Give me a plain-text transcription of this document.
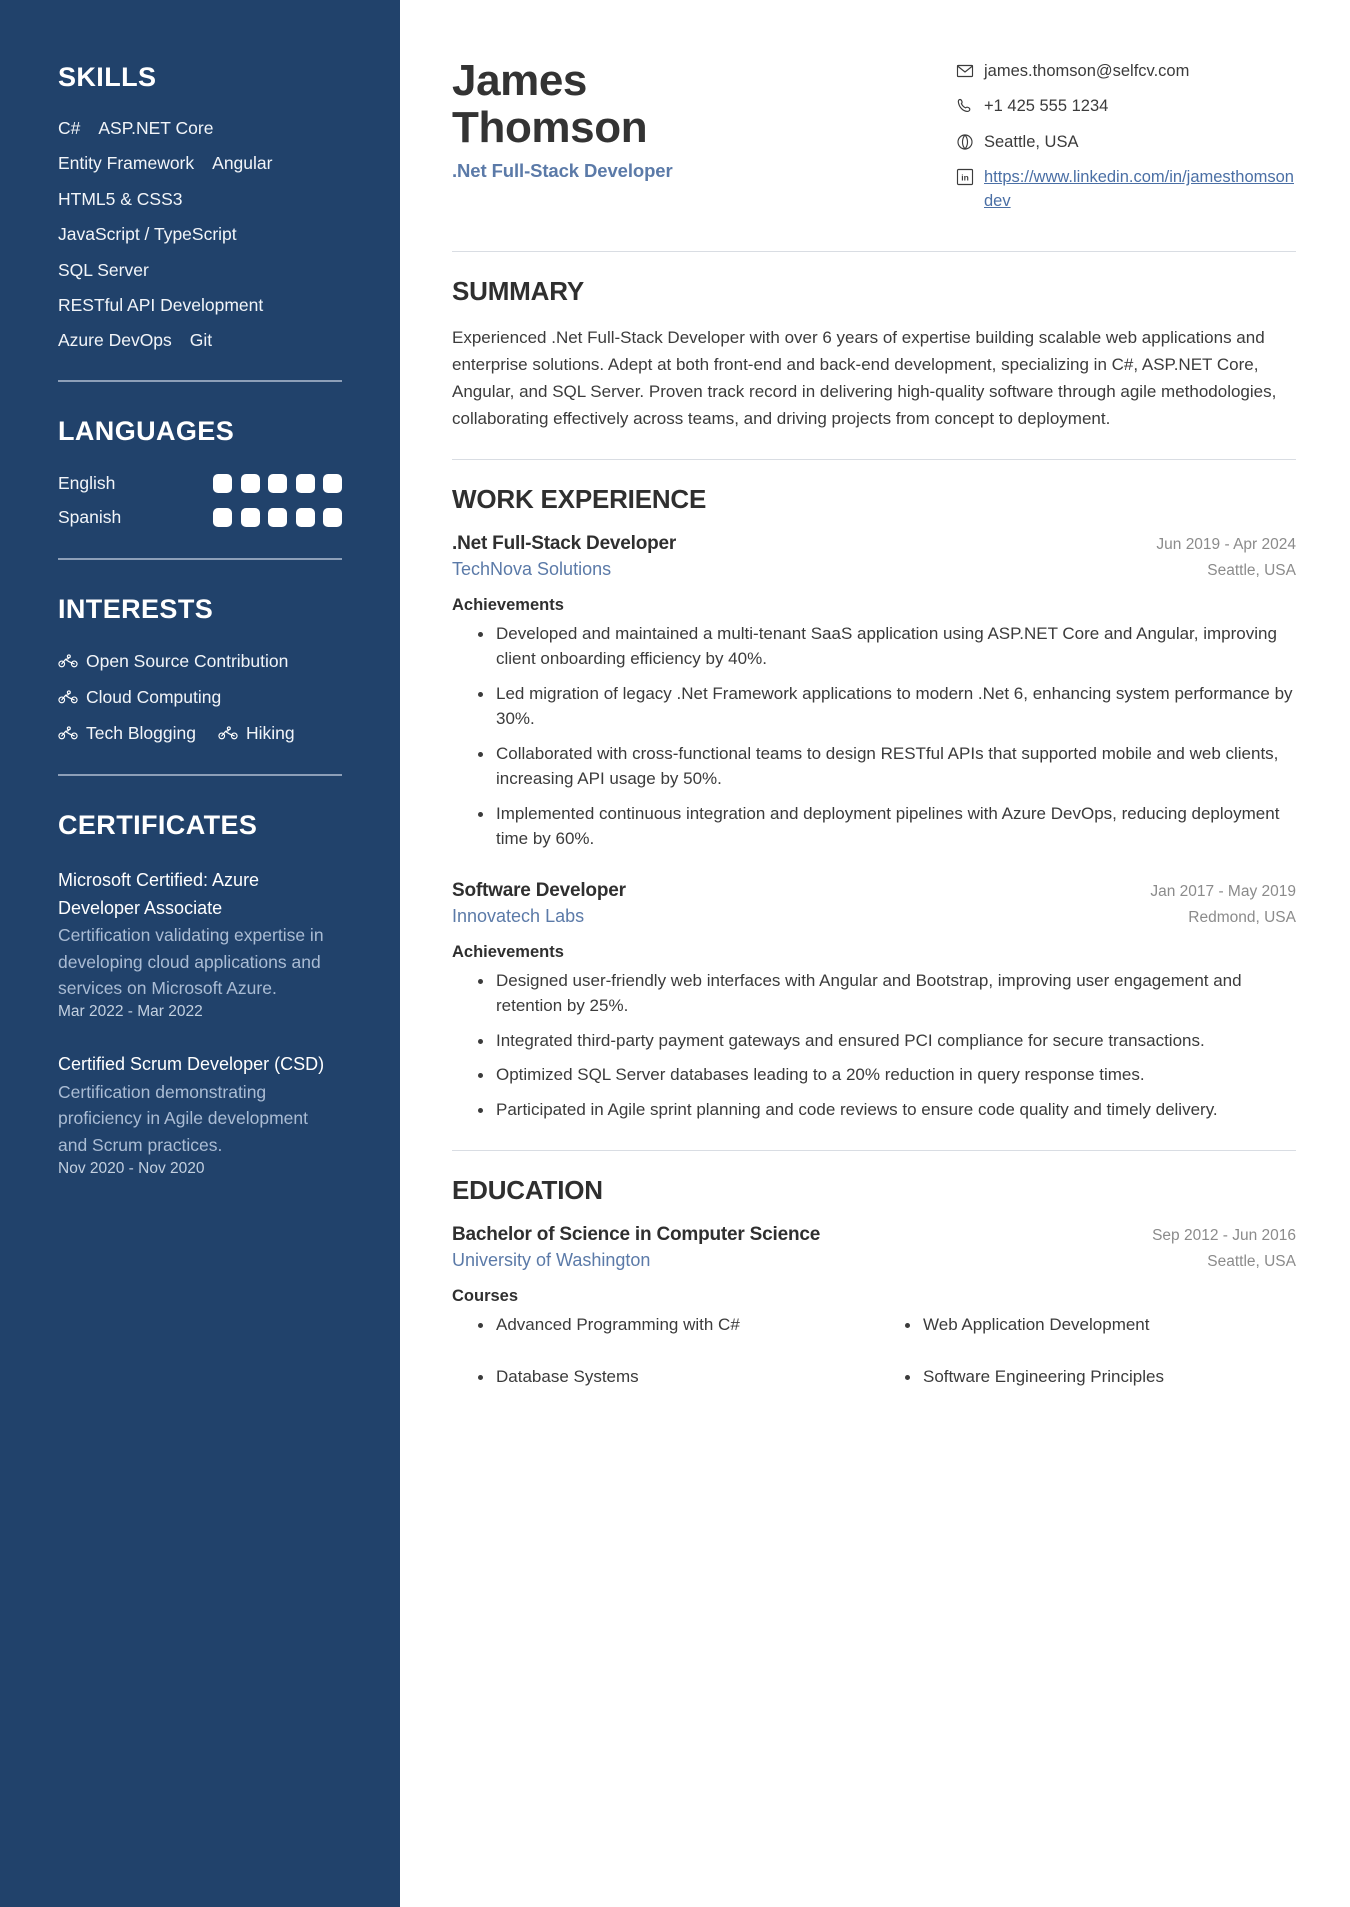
SKILLS
C# ASP.NET Core
Entity Framework Angular
HTML5 & CSS3
JavaScript / TypeScript
SQL Server
RESTful API Development
Azure DevOps Git
LANGUAGES
English
Spanish
INTERESTS
Open Source Contribution
Cloud Computing
Tech Blogging	Hiking
CERTIFICATES
Microsoft Certified: Azure Developer Associate
Certification validating expertise in developing cloud applications and services on Microsoft Azure.
Mar 2022 - Mar 2022
Certified Scrum Developer (CSD)
Certification demonstrating proficiency in Agile development and Scrum practices.
Nov 2020 - Nov 2020
James
Thomson
.Net Full-Stack Developer
james.thomson@selfcv.com
+1 425 555 1234
Seattle, USA
in https://www.linkedin.com/in/jamesthomsondev
SUMMARY
Experienced .Net Full-Stack Developer with over 6 years of expertise building scalable web applications and enterprise solutions. Adept at both front-end and back-end development, specializing in C#, ASP.NET Core, Angular, and SQL Server. Proven track record in delivering high-quality software through agile methodologies, collaborating effectively across teams, and driving projects from concept to deployment.
WORK EXPERIENCE
.Net Full-Stack Developer	Jun 2019 - Apr 2024
TechNova Solutions	Seattle, USA
Achievements
Developed and maintained a multi-tenant SaaS application using ASP.NET Core and Angular, improving client onboarding efficiency by 40%.
Led migration of legacy .Net Framework applications to modern .Net 6, enhancing system performance by 30%.
Collaborated with cross-functional teams to design RESTful APIs that supported mobile and web clients, increasing API usage by 50%.
Implemented continuous integration and deployment pipelines with Azure DevOps, reducing deployment time by 60%.
Software Developer	Jan 2017 - May 2019
Innovatech Labs	Redmond, USA
Achievements
Designed user-friendly web interfaces with Angular and Bootstrap, improving user engagement and retention by 25%.
Integrated third-party payment gateways and ensured PCI compliance for secure transactions.
Optimized SQL Server databases leading to a 20% reduction in query response times.
Participated in Agile sprint planning and code reviews to ensure code quality and timely delivery.
EDUCATION
Bachelor of Science in Computer Science	Sep 2012 - Jun 2016
University of Washington	Seattle, USA
Courses
Advanced Programming with C#	Web Application Development
Database Systems	Software Engineering Principles
